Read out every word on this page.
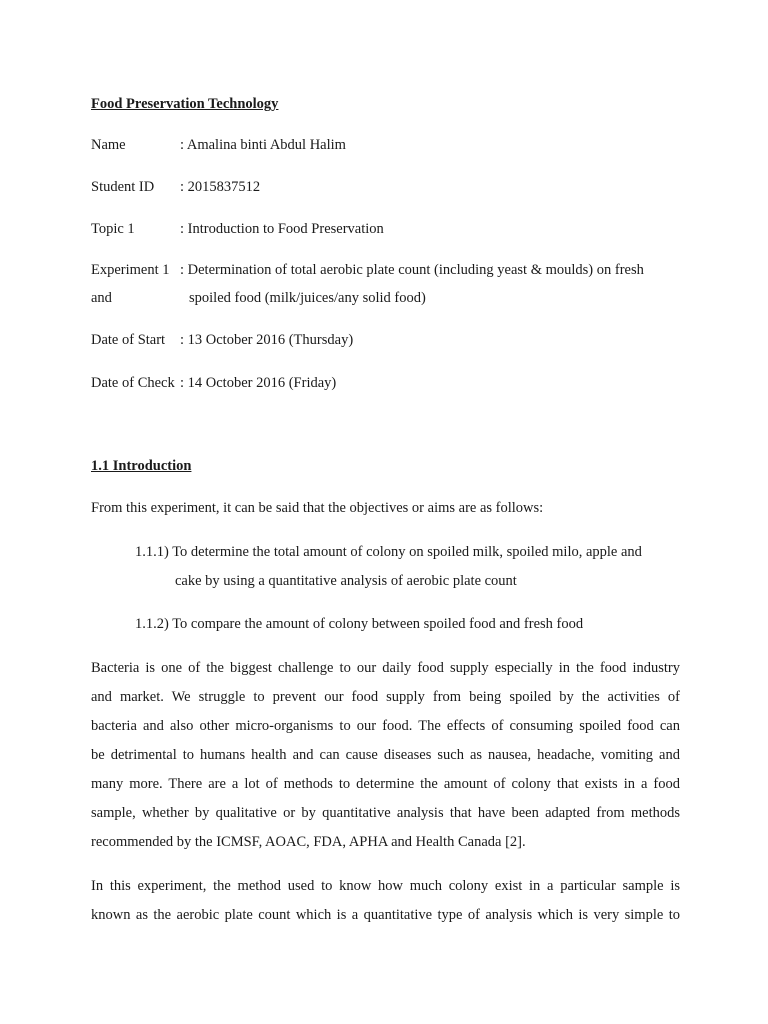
Food Preservation Technology
Name	: Amalina binti Abdul Halim
Student ID : 2015837512
Topic 1	: Introduction to Food Preservation
Experiment 1 : Determination of total aerobic plate count (including yeast & moulds) on fresh
and	spoiled food (milk/juices/any solid food)
Date of Start : 13 October 2016 (Thursday)
Date of Check : 14 October 2016 (Friday)
1.1 Introduction
From this experiment, it can be said that the objectives or aims are as follows:
1.1.1) To determine the total amount of colony on spoiled milk, spoiled milo, apple and
cake by using a quantitative analysis of aerobic plate count
1.1.2) To compare the amount of colony between spoiled food and fresh food
Bacteria is one of the biggest challenge to our daily food supply especially in the food industry
and market. We struggle to prevent our food supply from being spoiled by the activities of
bacteria and also other micro-organisms to our food. The effects of consuming spoiled food can
be detrimental to humans health and can cause diseases such as nausea, headache, vomiting and
many more. There are a lot of methods to determine the amount of colony that exists in a food
sample, whether by qualitative or by quantitative analysis that have been adapted from methods
recommended by the ICMSF, AOAC, FDA, APHA and Health Canada [2].
In this experiment, the method used to know how much colony exist in a particular sample is
known as the aerobic plate count which is a quantitative type of analysis which is very simple to
